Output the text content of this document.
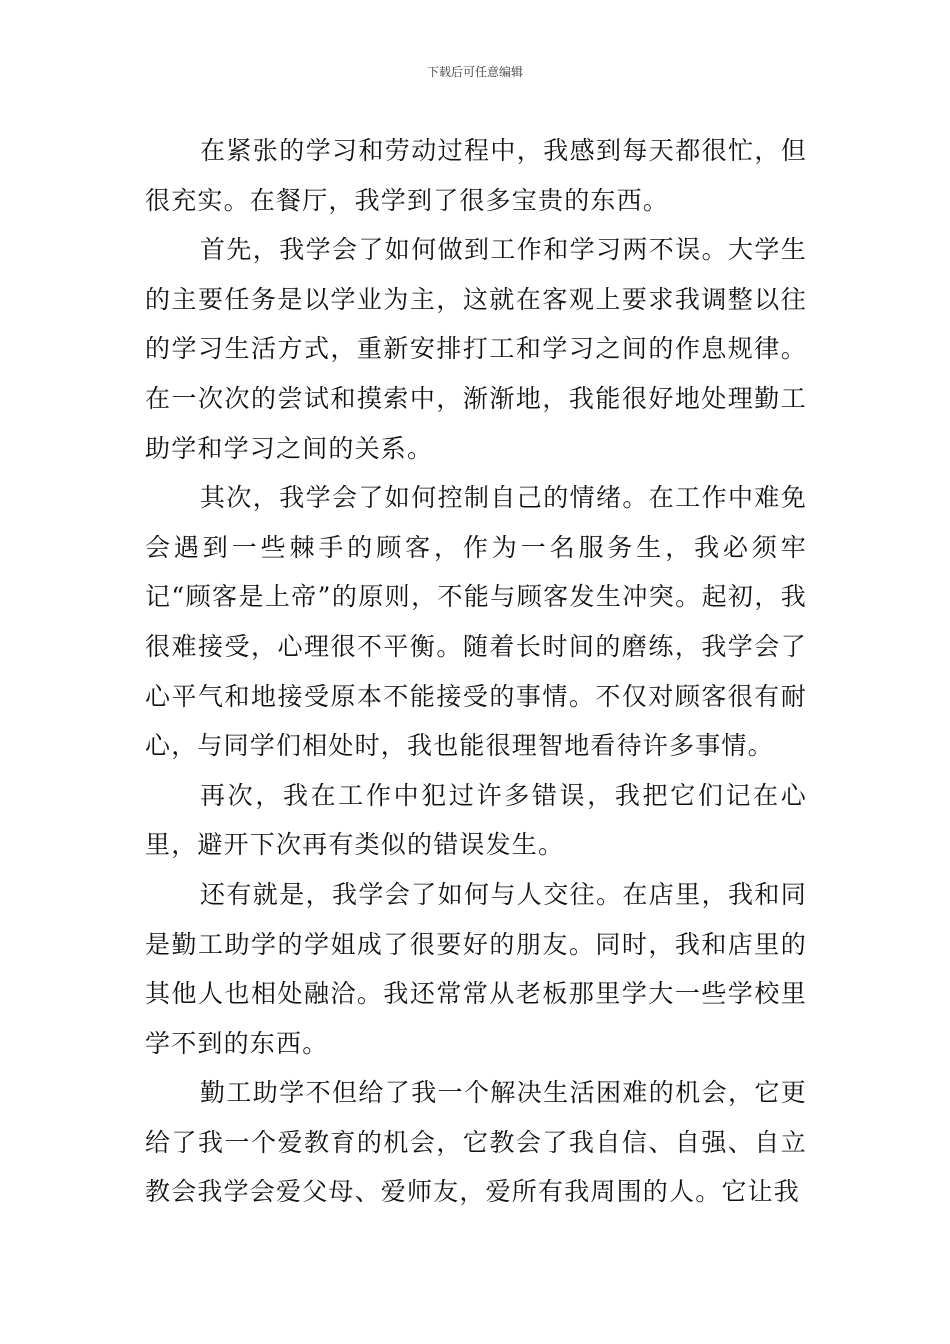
下载后可任意编辑

在紧张的学习和劳动过程中，我感到每天都很忙，但很充实。在餐厅，我学到了很多宝贵的东西。

首先，我学会了如何做到工作和学习两不误。大学生的主要任务是以学业为主，这就在客观上要求我调整以往的学习生活方式，重新安排打工和学习之间的作息规律。在一次次的尝试和摸索中，渐渐地，我能很好地处理勤工助学和学习之间的关系。

其次，我学会了如何控制自己的情绪。在工作中难免会遇到一些棘手的顾客，作为一名服务生，我必须牢记“顾客是上帝”的原则，不能与顾客发生冲突。起初，我很难接受，心理很不平衡。随着长时间的磨练，我学会了心平气和地接受原本不能接受的事情。不仅对顾客很有耐心，与同学们相处时，我也能很理智地看待许多事情。

再次，我在工作中犯过许多错误，我把它们记在心里，避开下次再有类似的错误发生。

还有就是，我学会了如何与人交往。在店里，我和同是勤工助学的学姐成了很要好的朋友。同时，我和店里的其他人也相处融洽。我还常常从老板那里学大一些学校里学不到的东西。

勤工助学不但给了我一个解决生活困难的机会，它更给了我一个爱教育的机会，它教会了我自信、自强、自立教会我学会爱父母、爱师友，爱所有我周围的人。它让我
